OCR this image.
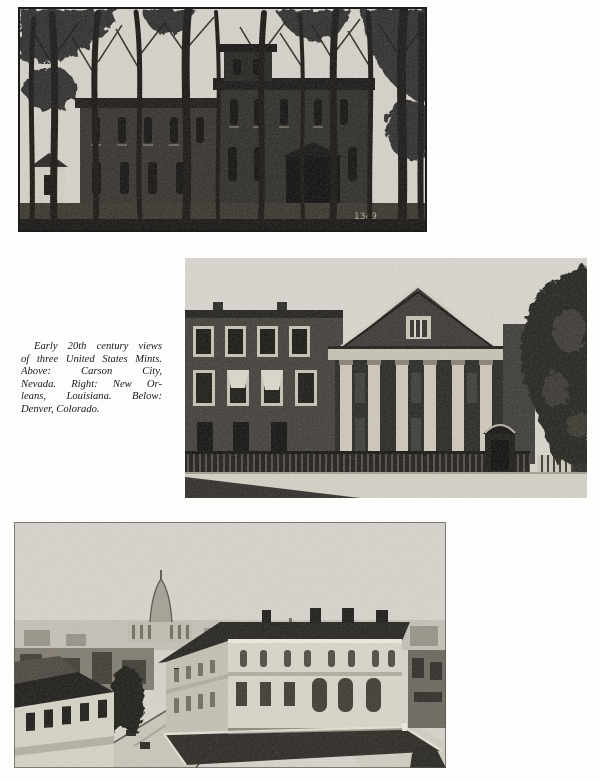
1349
Early 20th century views
of three United States Mints.
Above: Carson City,
Nevada. Right: New Or-
leans, Louisiana. Below:
Denver, Colorado.
